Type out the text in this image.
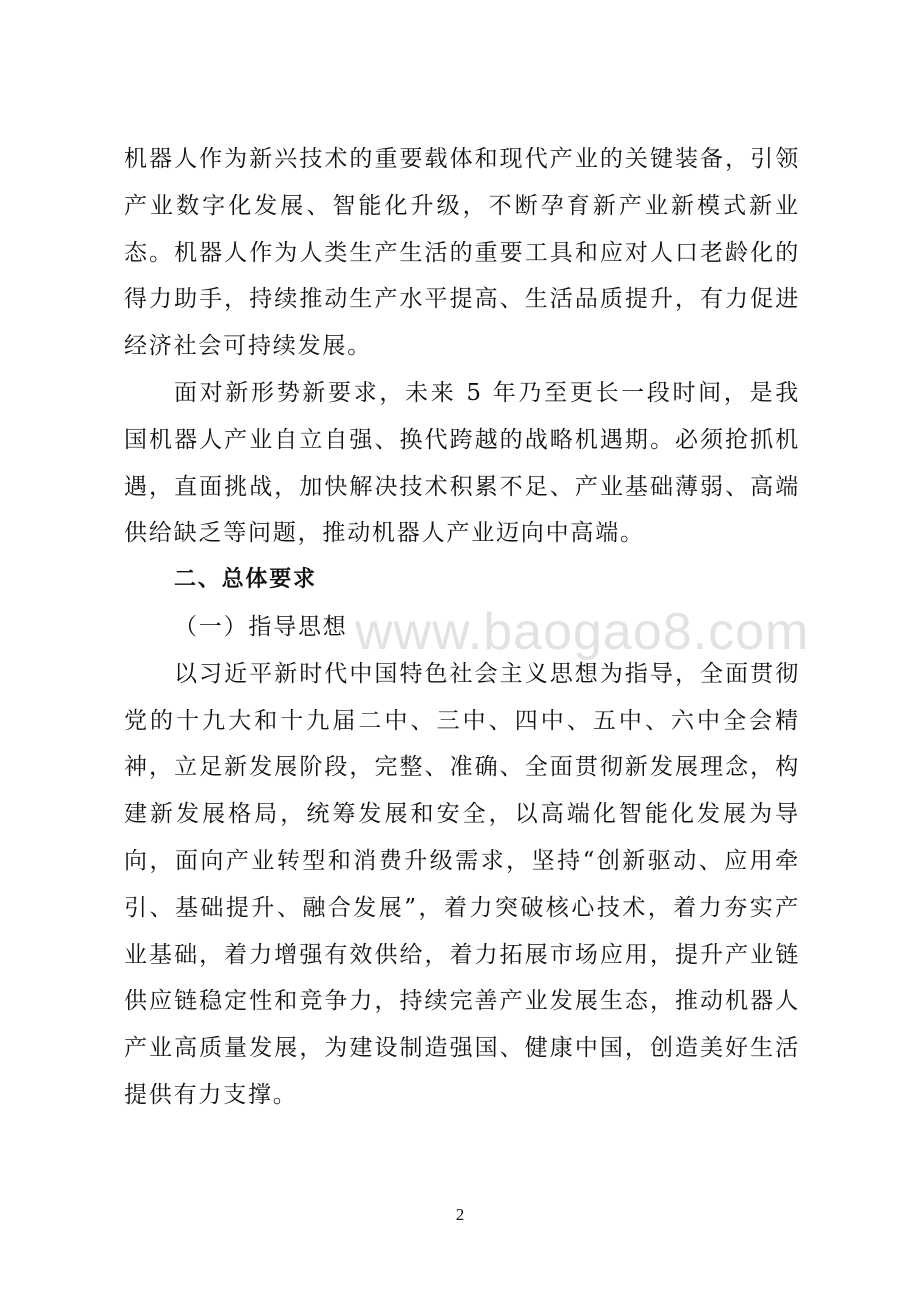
机器人作为新兴技术的重要载体和现代产业的关键装备，引领产业数字化发展、智能化升级，不断孕育新产业新模式新业态。机器人作为人类生产生活的重要工具和应对人口老龄化的得力助手，持续推动生产水平提高、生活品质提升，有力促进经济社会可持续发展。

面对新形势新要求，未来 5 年乃至更长一段时间，是我国机器人产业自立自强、换代跨越的战略机遇期。必须抢抓机遇，直面挑战，加快解决技术积累不足、产业基础薄弱、高端供给缺乏等问题，推动机器人产业迈向中高端。

二、总体要求

（一）指导思想

以习近平新时代中国特色社会主义思想为指导，全面贯彻党的十九大和十九届二中、三中、四中、五中、六中全会精神，立足新发展阶段，完整、准确、全面贯彻新发展理念，构建新发展格局，统筹发展和安全，以高端化智能化发展为导向，面向产业转型和消费升级需求，坚持“创新驱动、应用牵引、基础提升、融合发展”，着力突破核心技术，着力夯实产业基础，着力增强有效供给，着力拓展市场应用，提升产业链供应链稳定性和竞争力，持续完善产业发展生态，推动机器人产业高质量发展，为建设制造强国、健康中国，创造美好生活提供有力支撑。

www.baogao8.com
2
